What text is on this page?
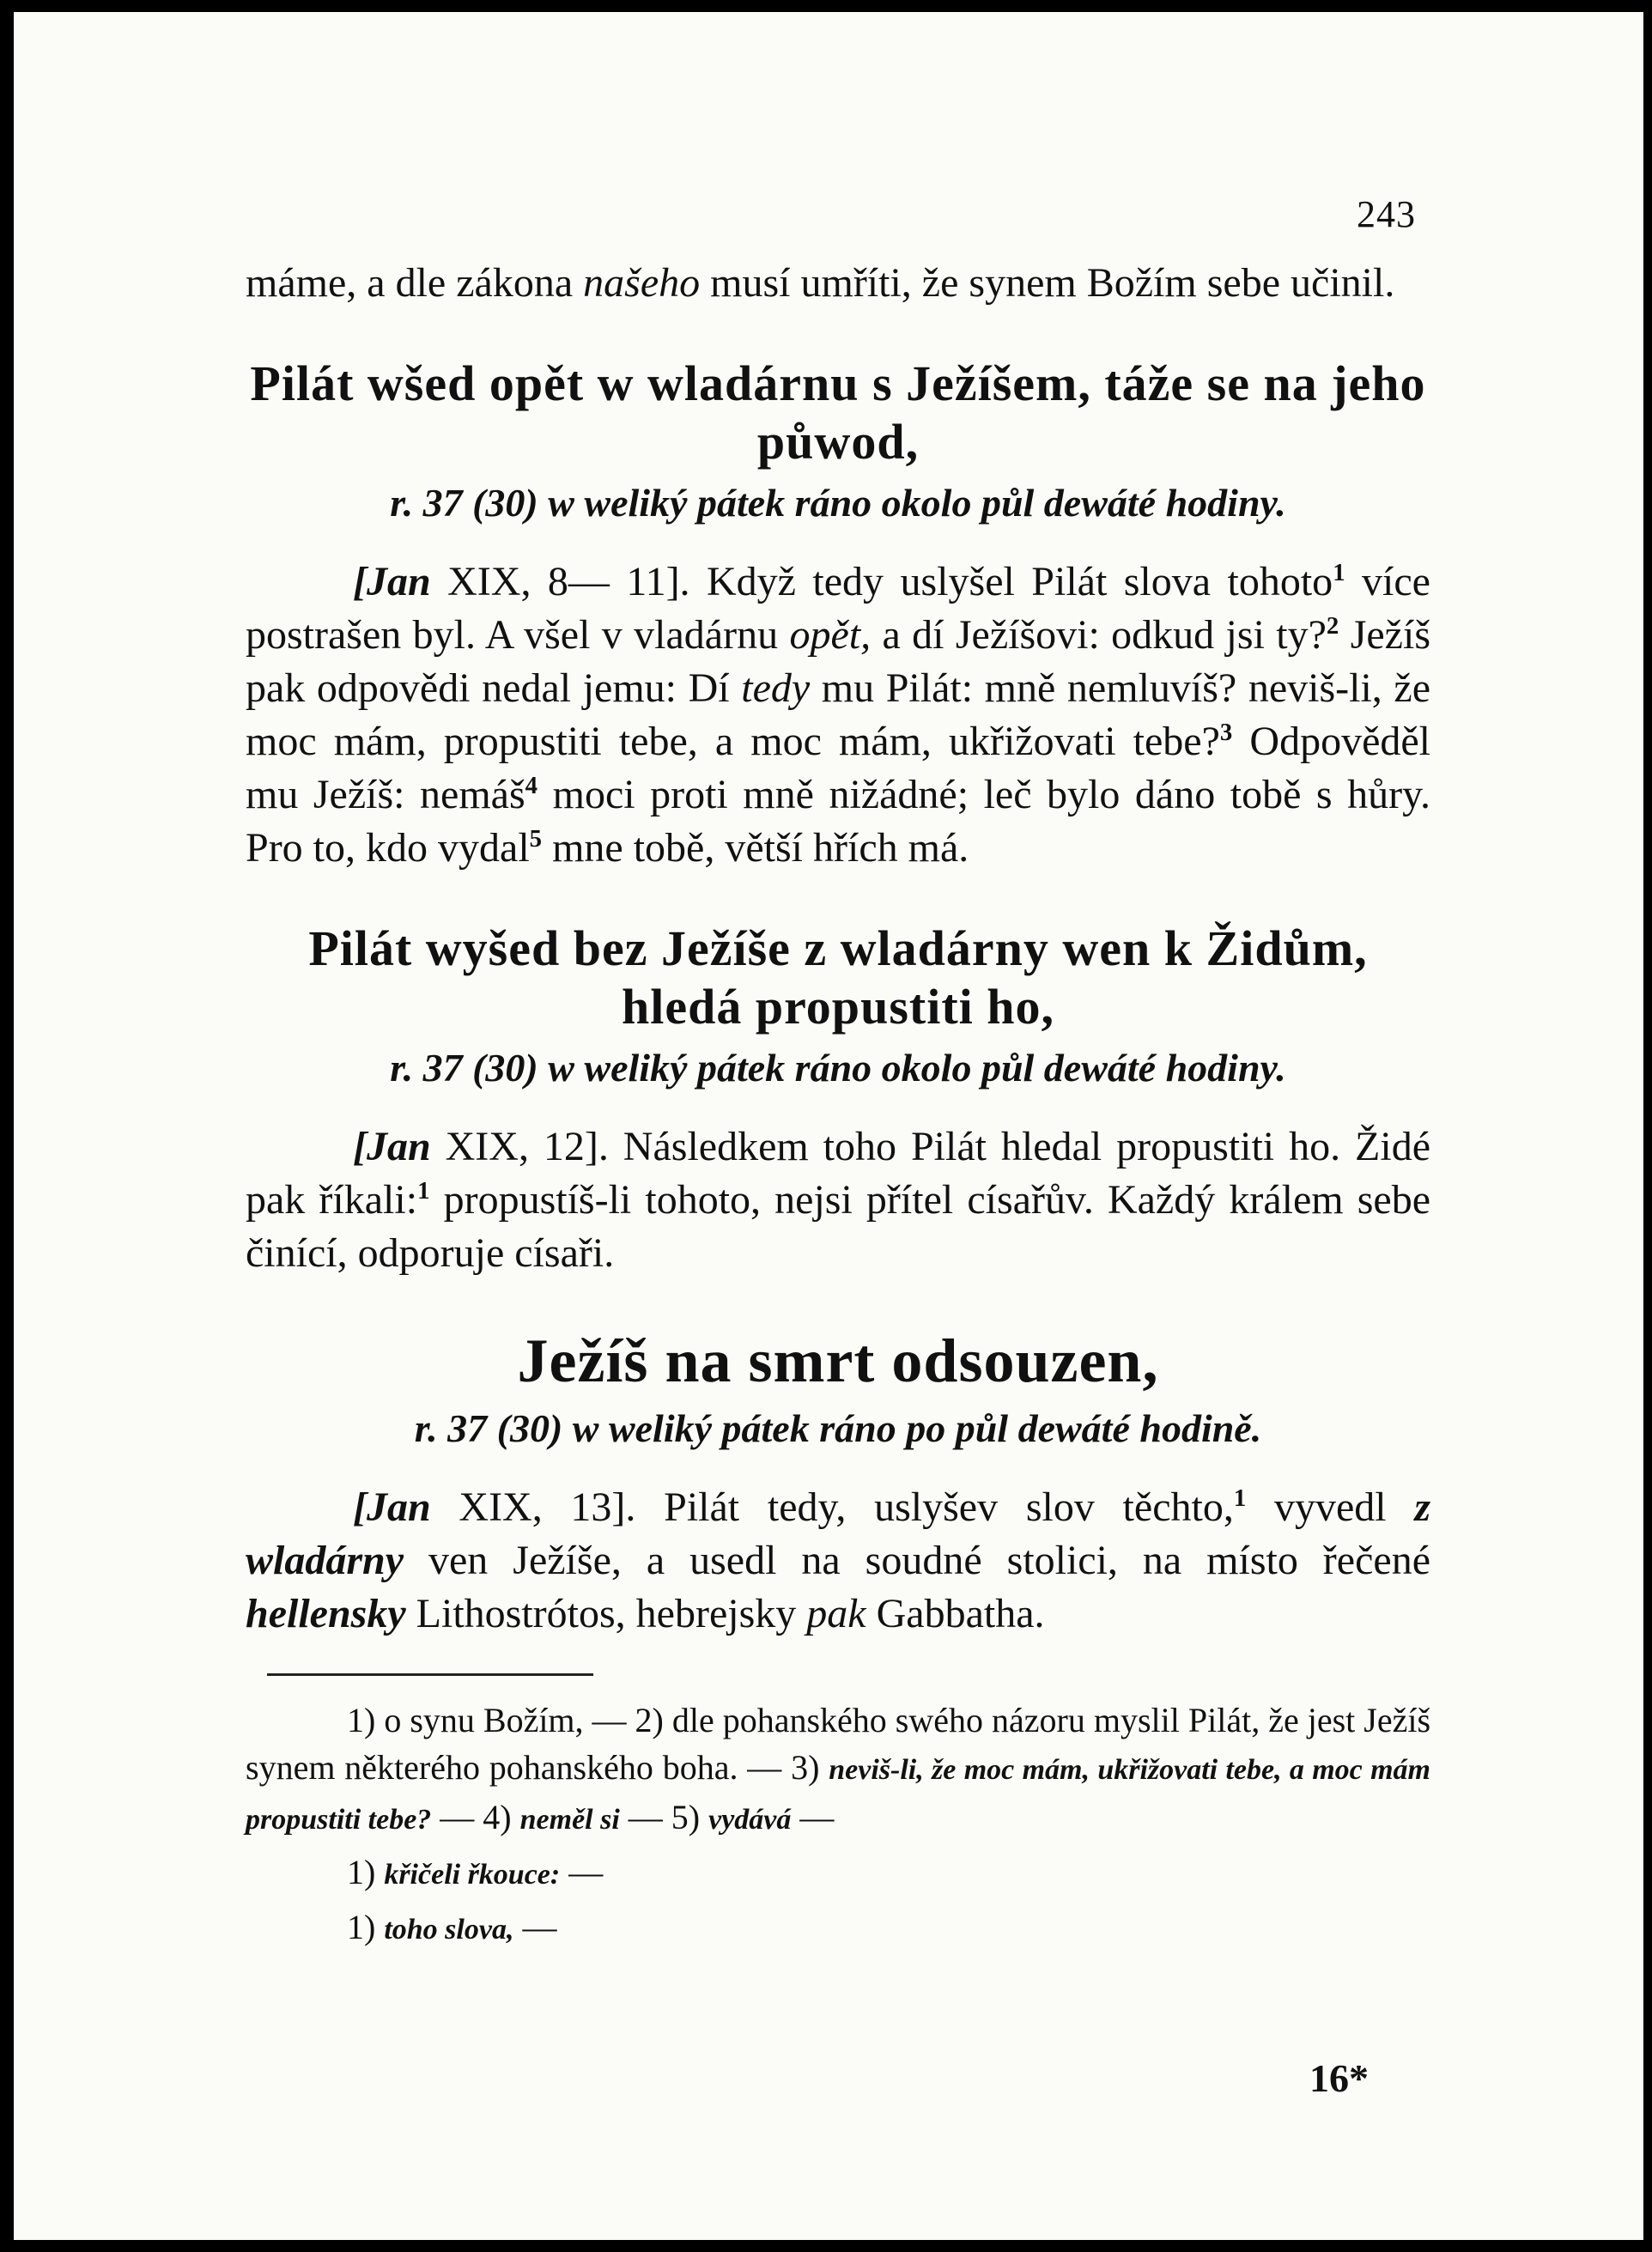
243

máme, a dle zákona našeho musí umříti, že synem Božím sebe učinil.

Pilát wšed opět w wladárnu s Ježíšem, táže se na jeho půwod,
r. 37 (30) w weliký pátek ráno okolo půl dewáté hodiny.

[Jan XIX, 8— 11]. Když tedy uslyšel Pilát slova tohoto$^1$ více postrašen byl. A všel v vladárnu opět, a dí Ježíšovi: odkud jsi ty?$^2$ Ježíš pak odpovědi nedal jemu: Dí tedy mu Pilát: mně nemluvíš? neviš-li, že moc mám, propustiti tebe, a moc mám, ukřižovati tebe?$^3$ Odpověděl mu Ježíš: nemáš$^4$ moci proti mně nižádné; leč bylo dáno tobě s hůry. Pro to, kdo vydal$^5$ mne tobě, větší hřích má.

Pilát wyšed bez Ježíše z wladárny wen k Židům, hledá propustiti ho,
r. 37 (30) w weliký pátek ráno okolo půl dewáté hodiny.

[Jan XIX, 12]. Následkem toho Pilát hledal propustiti ho. Židé pak říkali:$^1$ propustíš-li tohoto, nejsi přítel císařův. Každý králem sebe činící, odporuje císaři.

Ježíš na smrt odsouzen,
r. 37 (30) w weliký pátek ráno po půl dewáté hodině.

[Jan XIX, 13]. Pilát tedy, uslyšev slov těchto,$^1$ vyvedl z wladárny ven Ježíše, a usedl na soudné stolici, na místo řečené hellensky Lithostrótos, hebrejsky pak Gabbatha.

1) o synu Božím, — 2) dle pohanského swého názoru myslil Pilát, že jest Ježíš synem některého pohanského boha. — 3) neviš-li, že moc mám, ukřižovati tebe, a moc mám propustiti tebe? — 4) neměl si — 5) vydává —

1) křičeli řkouce: —

1) toho slova, —

16*
